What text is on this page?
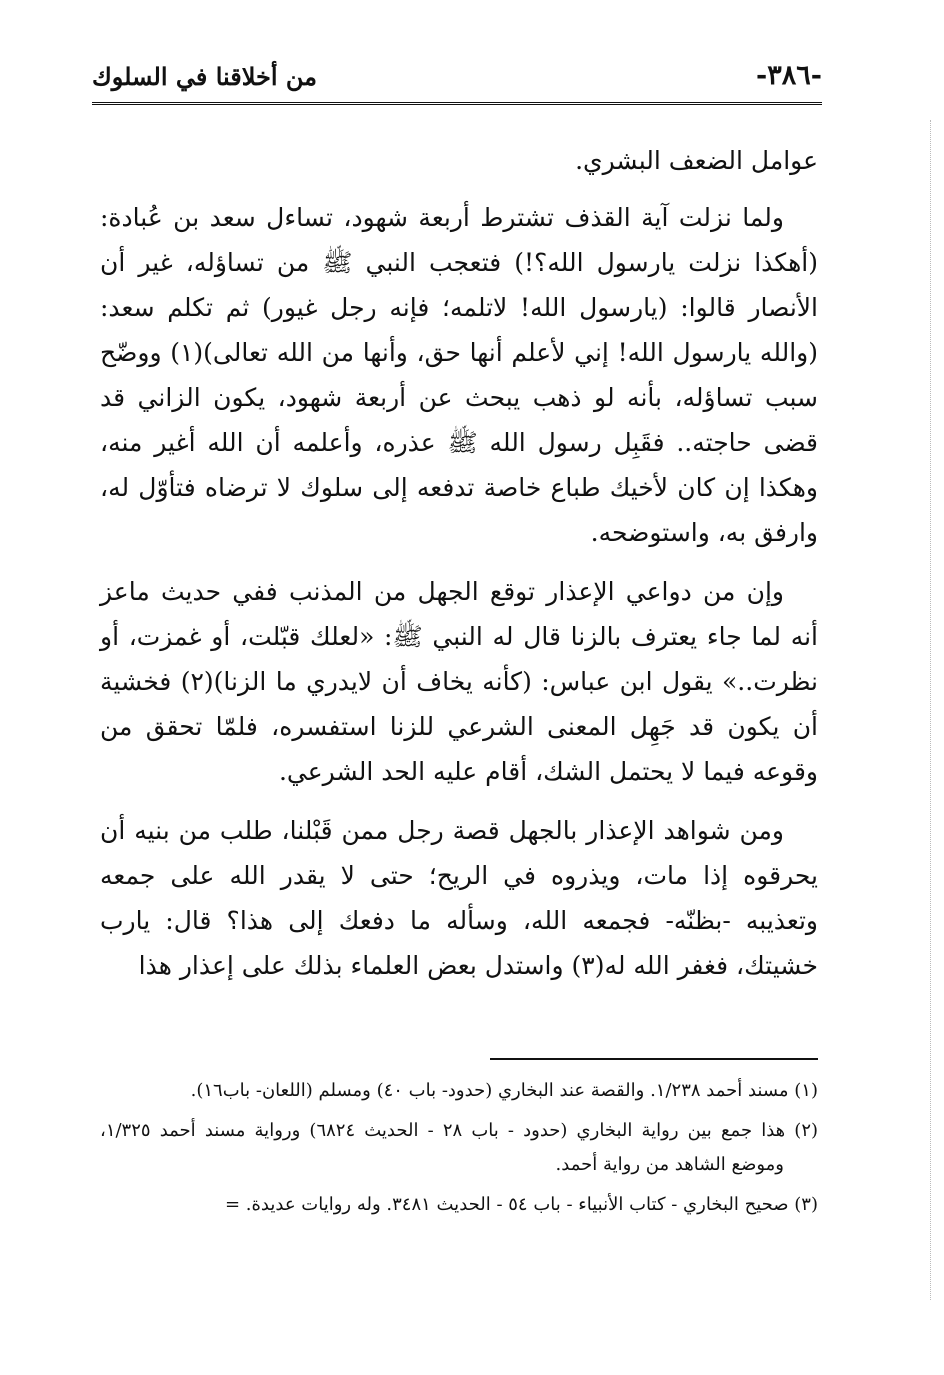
-٣٨٦-
من أخلاقنا في السلوك

عوامل الضعف البشري.

ولما نزلت آية القذف تشترط أربعة شهود، تساءل سعد بن عُبادة: (أهكذا نزلت يارسول الله؟!) فتعجب النبي ﷺ من تساؤله، غير أن الأنصار قالوا: (يارسول الله! لاتلمه؛ فإنه رجل غيور) ثم تكلم سعد: (والله يارسول الله! إني لأعلم أنها حق، وأنها من الله تعالى)(١) ووضّح سبب تساؤله، بأنه لو ذهب يبحث عن أربعة شهود، يكون الزاني قد قضى حاجته.. فقَبِل رسول الله ﷺ عذره، وأعلمه أن الله أغير منه، وهكذا إن كان لأخيك طباع خاصة تدفعه إلى سلوك لا ترضاه فتأوّل له، وارفق به، واستوضحه.

وإن من دواعي الإعذار توقع الجهل من المذنب ففي حديث ماعز أنه لما جاء يعترف بالزنا قال له النبي ﷺ: «لعلك قبّلت، أو غمزت، أو نظرت..» يقول ابن عباس: (كأنه يخاف أن لايدري ما الزنا)(٢) فخشية أن يكون قد جَهِل المعنى الشرعي للزنا استفسره، فلمّا تحقق من وقوعه فيما لا يحتمل الشك، أقام عليه الحد الشرعي.

ومن شواهد الإعذار بالجهل قصة رجل ممن قَبْلنا، طلب من بنيه أن يحرقوه إذا مات، ويذروه في الريح؛ حتى لا يقدر الله على جمعه وتعذيبه -بظنّه- فجمعه الله، وسأله ما دفعك إلى هذا؟ قال: يارب خشيتك، فغفر الله له(٣) واستدل بعض العلماء بذلك على إعذار هذا

(١) مسند أحمد ١/٢٣٨. والقصة عند البخاري (حدود- باب ٤٠) ومسلم (اللعان- باب١٦).

(٢) هذا جمع بين رواية البخاري (حدود - باب ٢٨ - الحديث ٦٨٢٤) ورواية مسند أحمد ١/٣٢٥، وموضع الشاهد من رواية أحمد.

(٣) صحيح البخاري - كتاب الأنبياء - باب ٥٤ - الحديث ٣٤٨١. وله روايات عديدة. =
